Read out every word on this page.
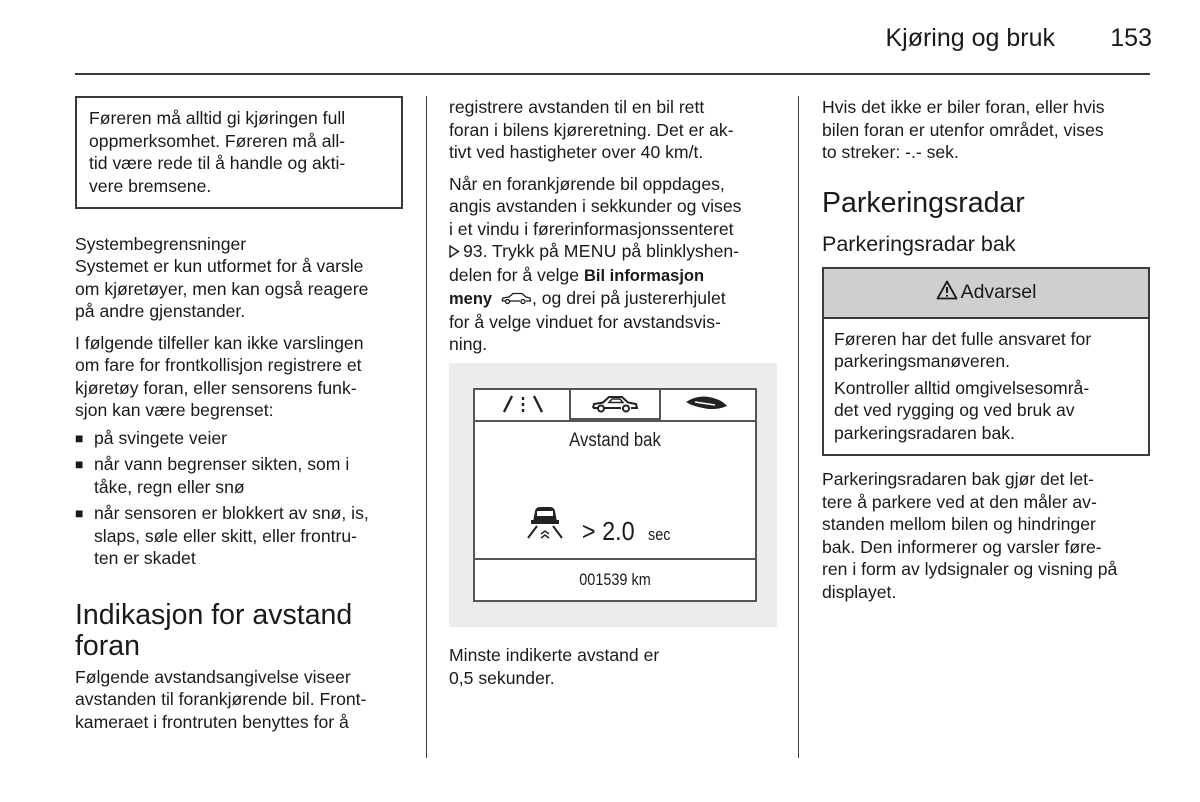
Kjøring og bruk 153

Føreren må alltid gi kjøringen full

oppmerksomhet. Føreren må all-

tid være rede til å handle og akti-

vere bremsene.

Systembegrensninger

Systemet er kun utformet for å varsle

om kjøretøyer, men kan også reagere

på andre gjenstander.

I følgende tilfeller kan ikke varslingen

om fare for frontkollisjon registrere et

kjøretøy foran, eller sensorens funk-

sjon kan være begrenset:

■ på svingete veier

■ når vann begrenser sikten, som i

tåke, regn eller snø

■ når sensoren er blokkert av snø, is,

slaps, søle eller skitt, eller frontru-

ten er skadet

Indikasjon for avstand
foran

Følgende avstandsangivelse viseer

avstanden til forankjørende bil. Front-

kameraet i frontruten benyttes for å

registrere avstanden til en bil rett

foran i bilens kjøreretning. Det er ak-

tivt ved hastigheter over 40 km/t.

Når en forankjørende bil oppdages,

angis avstanden i sekkunder og vises

i et vindu i førerinformasjonssenteret

93. Trykk på MENU på blinklyshen-

delen for å velge Bil informasjon

meny , og drei på justererhjulet

for å velge vinduet for avstandsvis-

ning.

Avstand bak
> 2.0 sec
001539 km

Minste indikerte avstand er

0,5 sekunder.

Hvis det ikke er biler foran, eller hvis

bilen foran er utenfor området, vises

to streker: -.- sek.

Parkeringsradar
Parkeringsradar bak
Advarsel

Føreren har det fulle ansvaret for

parkeringsmanøveren.

Kontroller alltid omgivelsesområ-

det ved rygging og ved bruk av

parkeringsradaren bak.

Parkeringsradaren bak gjør det let-

tere å parkere ved at den måler av-

standen mellom bilen og hindringer

bak. Den informerer og varsler føre-

ren i form av lydsignaler og visning på

displayet.
